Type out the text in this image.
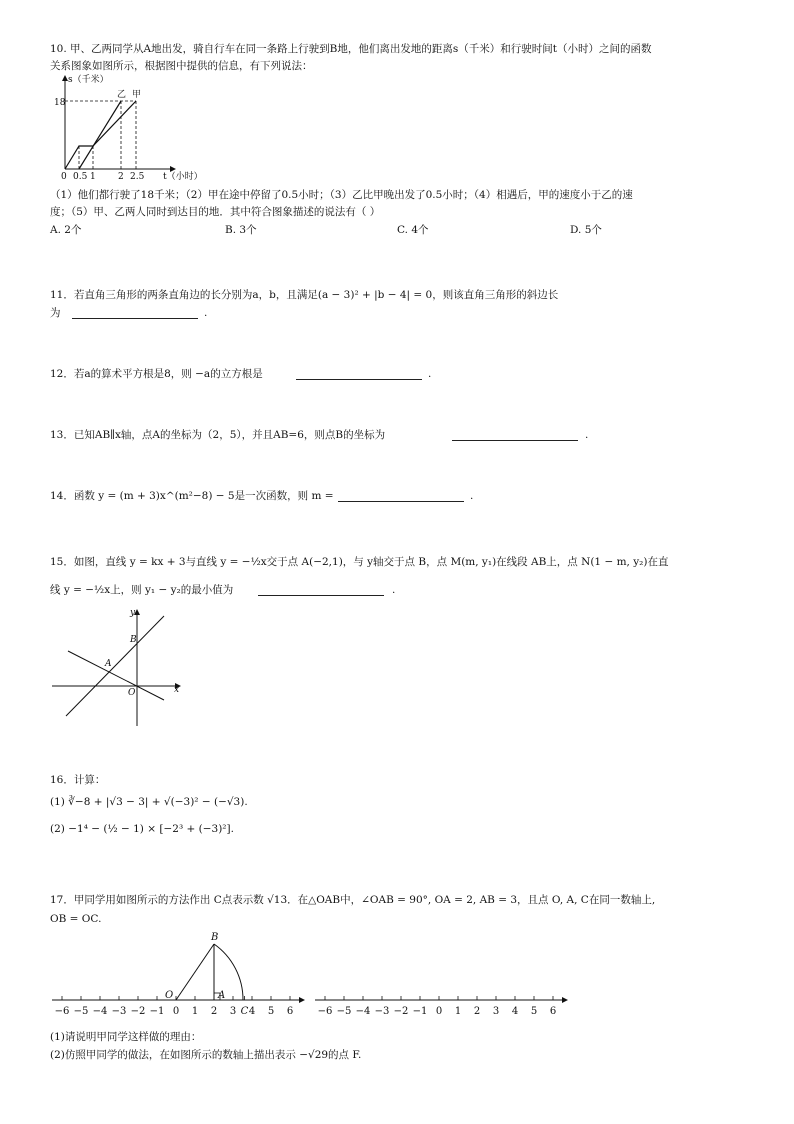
10. 甲、乙两同学从A地出发，骑自行车在同一条路上行驶到B地，他们离出发地的距离s（千米）和行驶时间t（小时）之间的函数
关系图象如图所示，根据图中提供的信息，有下列说法：
s（千米）
t（小时）
18
乙 甲
0 0.5 1 2 2.5
（1）他们都行驶了18千米；（2）甲在途中停留了0.5小时；（3）乙比甲晚出发了0.5小时；（4）相遇后，甲的速度小于乙的速
度；（5）甲、乙两人同时到达目的地．其中符合图象描述的说法有（ ）
A. 2个	B. 3个	C. 4个	D. 5个
11．若直角三角形的两条直角边的长分别为a，b，且满足(a − 3)² + |b − 4| = 0，则该直角三角形的斜边长
为	.
12．若a的算术平方根是8，则 −a的立方根是	.
13．已知AB∥x轴，点A的坐标为（2，5），并且AB=6，则点B的坐标为	.
14．函数 y = (m + 3)x^(m²−8) − 5是一次函数，则 m =	.
15．如图，直线 y = kx + 3与直线 y = −½x交于点 A(−2,1)，与 y轴交于点 B，点 M(m, y₁)在线段 AB上，点 N(1 − m, y₂)在直
线 y = −½x上，则 y₁ − y₂的最小值为	.
x
y
B
A
O
16．计算：
(1) ∛−8 + |√3 − 3| + √(−3)² − (−√3).
(2) −1⁴ − (½ − 1) × [−2³ + (−3)²].
17．甲同学用如图所示的方法作出 C点表示数 √13．在△OAB中，∠OAB = 90°, OA = 2, AB = 3，且点 O, A, C在同一数轴上,
OB = OC.
−6 −5 −4 −3 −2 −1 0 1 2 3 C 4 5 6
B
O	A
−6 −5 −4 −3 −2 −1 0 1 2 3 4 5 6
(1)请说明甲同学这样做的理由：
(2)仿照甲同学的做法，在如图所示的数轴上描出表示 −√29的点 F.
